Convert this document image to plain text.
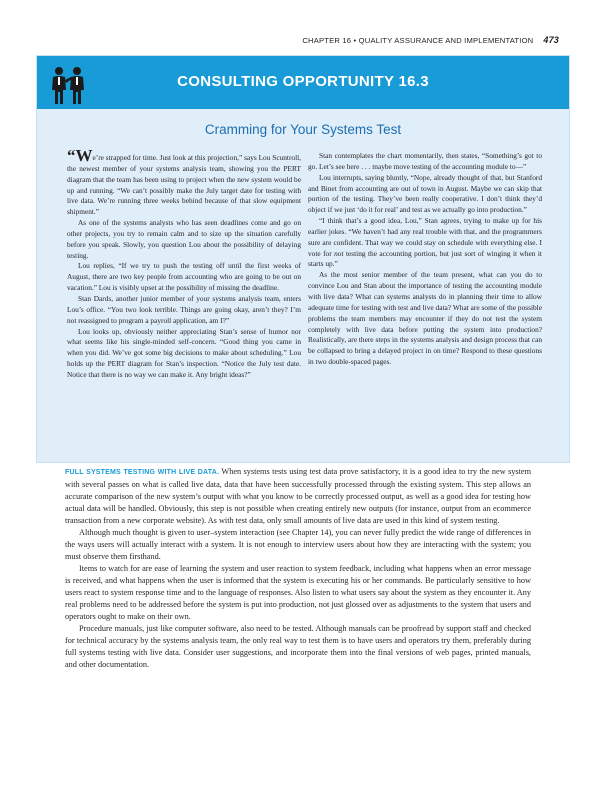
CHAPTER 16 • QUALITY ASSURANCE AND IMPLEMENTATION 473
CONSULTING OPPORTUNITY 16.3
Cramming for Your Systems Test

“We’re strapped for time. Just look at this projection,” says Lou Scuntroll, the newest member of your systems analysis team, showing you the PERT diagram that the team has been using to project when the new system would be up and running. “We can’t possibly make the July target date for testing with live data. We’re running three weeks behind because of that slow equipment shipment.”

As one of the systems analysts who has seen deadlines come and go on other projects, you try to remain calm and to size up the situation carefully before you speak. Slowly, you question Lou about the possibility of delaying testing.

Lou replies, “If we try to push the testing off until the first weeks of August, there are two key people from accounting who are going to be out on vacation.” Lou is visibly upset at the possibility of missing the deadline.

Stan Dards, another junior member of your systems analysis team, enters Lou’s office. “You two look terrible. Things are going okay, aren’t they? I’m not reassigned to program a payroll application, am I?”

Lou looks up, obviously neither appreciating Stan’s sense of humor nor what seems like his single-minded self-concern. “Good thing you came in when you did. We’ve got some big decisions to make about scheduling.” Lou holds up the PERT diagram for Stan’s inspection. “Notice the July test date. Notice that there is no way we can make it. Any bright ideas?”

Stan contemplates the chart momentarily, then states, “Something’s got to go. Let’s see here . . . maybe move testing of the accounting module to—”

Lou interrupts, saying bluntly, “Nope, already thought of that, but Stanford and Binet from accounting are out of town in August. Maybe we can skip that portion of the testing. They’ve been really cooperative. I don’t think they’d object if we just ‘do it for real’ and test as we actually go into production.”

“I think that’s a good idea, Lou,” Stan agrees, trying to make up for his earlier jokes. “We haven’t had any real trouble with that, and the programmers sure are confident. That way we could stay on schedule with everything else. I vote for not testing the accounting portion, but just sort of winging it when it starts up.”

As the most senior member of the team present, what can you do to convince Lou and Stan about the importance of testing the accounting module with live data? What can systems analysts do in planning their time to allow adequate time for testing with test and live data? What are some of the possible problems the team members may encounter if they do not test the system completely with live data before putting the system into production? Realistically, are there steps in the systems analysis and design process that can be collapsed to bring a delayed project in on time? Respond to these questions in two double-spaced pages.

FULL SYSTEMS TESTING WITH LIVE DATA. When systems tests using test data prove satisfactory, it is a good idea to try the new system with several passes on what is called live data, data that have been successfully processed through the existing system. This step allows an accurate comparison of the new system’s output with what you know to be correctly processed output, as well as a good idea for testing how actual data will be handled. Obviously, this step is not possible when creating entirely new outputs (for instance, output from an ecommerce transaction from a new corporate website). As with test data, only small amounts of live data are used in this kind of system testing.

Although much thought is given to user–system interaction (see Chapter 14), you can never fully predict the wide range of differences in the ways users will actually interact with a system. It is not enough to interview users about how they are interacting with the system; you must observe them firsthand.

Items to watch for are ease of learning the system and user reaction to system feedback, including what happens when an error message is received, and what happens when the user is informed that the system is executing his or her commands. Be particularly sensitive to how users react to system response time and to the language of responses. Also listen to what users say about the system as they encounter it. Any real problems need to be addressed before the system is put into production, not just glossed over as adjustments to the system that users and operators ought to make on their own.

Procedure manuals, just like computer software, also need to be tested. Although manuals can be proofread by support staff and checked for technical accuracy by the systems analysis team, the only real way to test them is to have users and operators try them, preferably during full systems testing with live data. Consider user suggestions, and incorporate them into the final versions of web pages, printed manuals, and other documentation.
